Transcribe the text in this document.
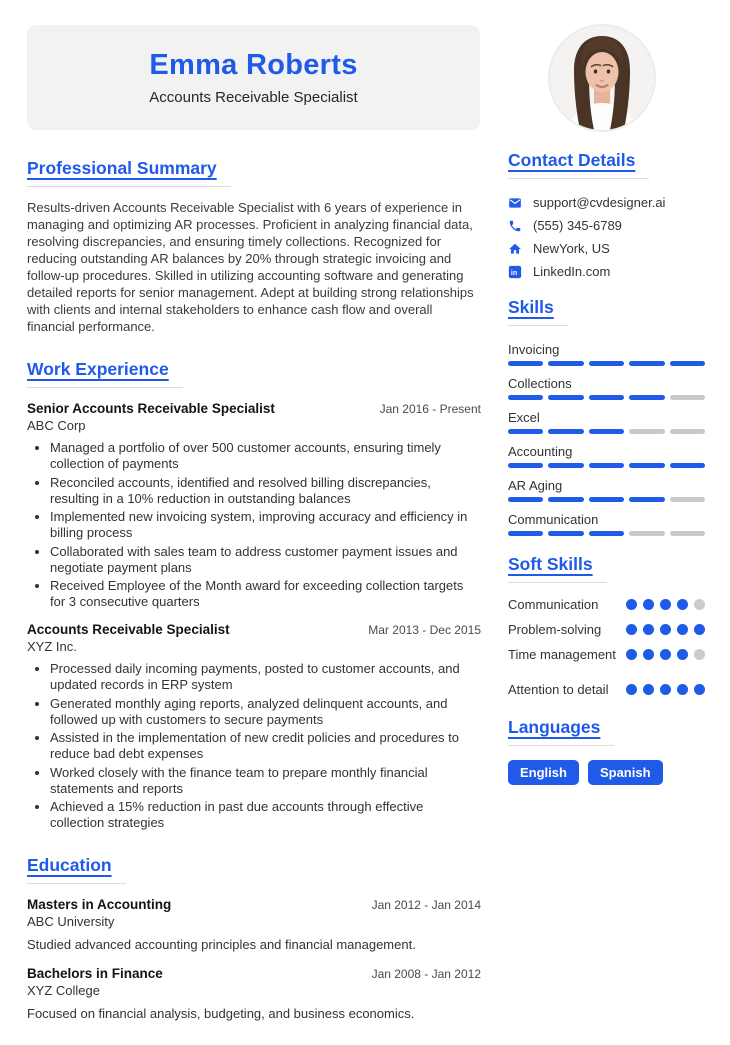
Emma Roberts
Accounts Receivable Specialist
Professional Summary

Results-driven Accounts Receivable Specialist with 6 years of experience in managing and optimizing AR processes. Proficient in analyzing financial data, resolving discrepancies, and ensuring timely collections. Recognized for reducing outstanding AR balances by 20% through strategic invoicing and follow-up procedures. Skilled in utilizing accounting software and generating detailed reports for senior management. Adept at building strong relationships with clients and internal stakeholders to enhance cash flow and overall financial performance.

Work Experience
Senior Accounts Receivable Specialist	Jan 2016 - Present
ABC Corp
• Managed a portfolio of over 500 customer accounts, ensuring timely collection of payments
• Reconciled accounts, identified and resolved billing discrepancies, resulting in a 10% reduction in outstanding balances
• Implemented new invoicing system, improving accuracy and efficiency in billing process
• Collaborated with sales team to address customer payment issues and negotiate payment plans
• Received Employee of the Month award for exceeding collection targets for 3 consecutive quarters
Accounts Receivable Specialist	Mar 2013 - Dec 2015
XYZ Inc.
• Processed daily incoming payments, posted to customer accounts, and updated records in ERP system
• Generated monthly aging reports, analyzed delinquent accounts, and followed up with customers to secure payments
• Assisted in the implementation of new credit policies and procedures to reduce bad debt expenses
• Worked closely with the finance team to prepare monthly financial statements and reports
• Achieved a 15% reduction in past due accounts through effective collection strategies
Education
Masters in Accounting	Jan 2012 - Jan 2014
ABC University
Studied advanced accounting principles and financial management.
Bachelors in Finance	Jan 2008 - Jan 2012
XYZ College
Focused on financial analysis, budgeting, and business economics.
Contact Details
support@cvdesigner.ai
(555) 345-6789
NewYork, US
in LinkedIn.com
Skills
Invoicing
Collections
Excel
Accounting
AR Aging
Communication
Soft Skills
Communication
Problem-solving
Time management
Attention to detail
Languages
English	Spanish
